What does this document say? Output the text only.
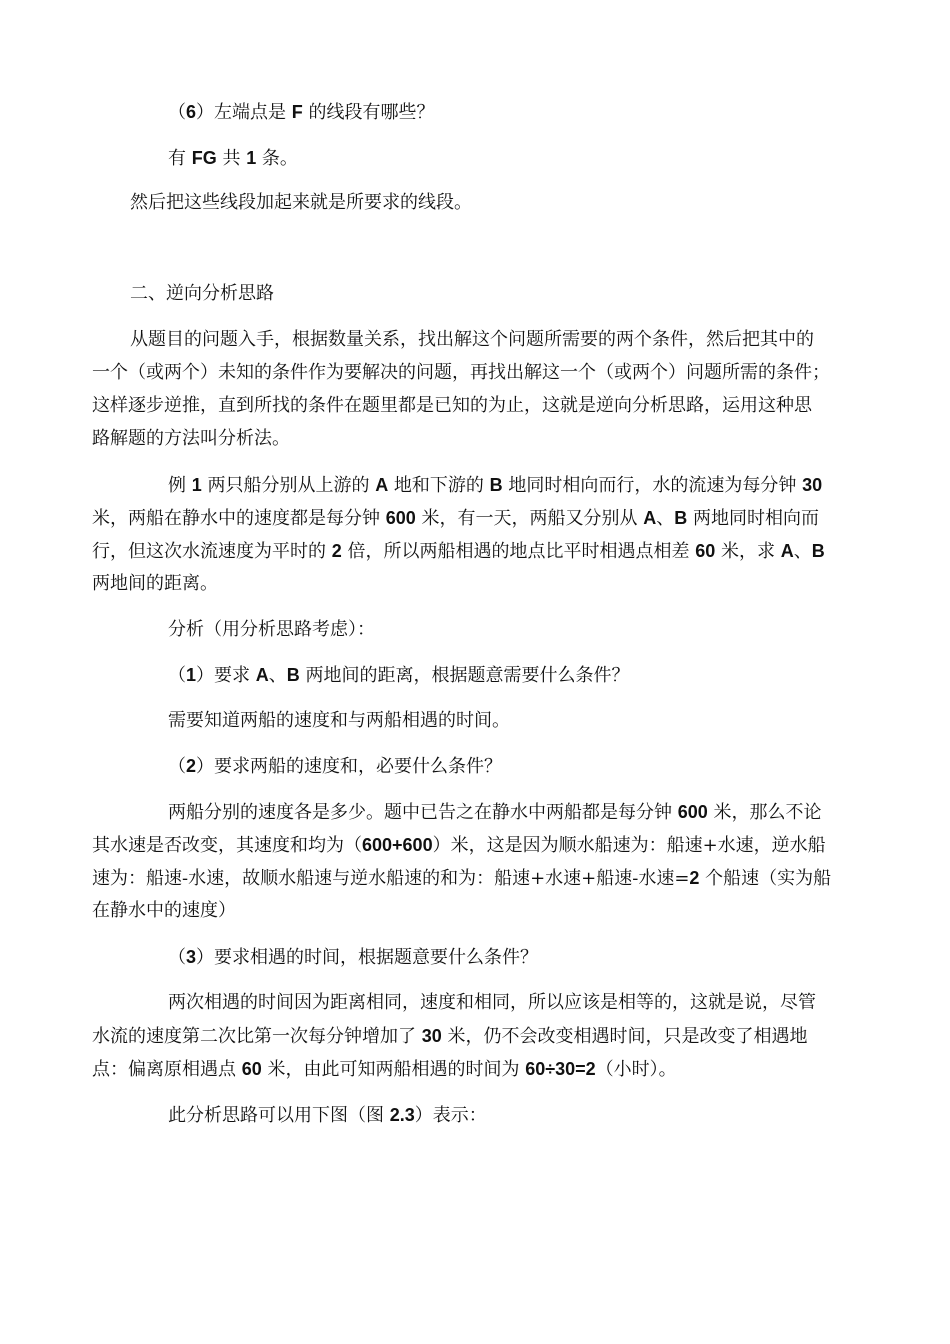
（6）左端点是 F 的线段有哪些？

有 FG 共 1 条。

然后把这些线段加起来就是所要求的线段。

二、逆向分析思路

从题目的问题入手，根据数量关系，找出解这个问题所需要的两个条件，然后把其中的

一个（或两个）未知的条件作为要解决的问题，再找出解这一个（或两个）问题所需的条件；

这样逐步逆推，直到所找的条件在题里都是已知的为止，这就是逆向分析思路，运用这种思

路解题的方法叫分析法。

例 1 两只船分别从上游的 A 地和下游的 B 地同时相向而行，水的流速为每分钟 30

米，两船在静水中的速度都是每分钟 600 米，有一天，两船又分别从 A、B 两地同时相向而

行，但这次水流速度为平时的 2 倍，所以两船相遇的地点比平时相遇点相差 60 米，求 A、B

两地间的距离。

分析（用分析思路考虑）：

（1）要求 A、B 两地间的距离，根据题意需要什么条件？

需要知道两船的速度和与两船相遇的时间。

（2）要求两船的速度和，必要什么条件？

两船分别的速度各是多少。题中已告之在静水中两船都是每分钟 600 米，那么不论

其水速是否改变，其速度和均为（600+600）米，这是因为顺水船速为：船速+水速，逆水船

速为：船速-水速，故顺水船速与逆水船速的和为：船速+水速+船速-水速=2 个船速（实为船

在静水中的速度）

（3）要求相遇的时间，根据题意要什么条件？

两次相遇的时间因为距离相同，速度和相同，所以应该是相等的，这就是说，尽管

水流的速度第二次比第一次每分钟增加了 30 米，仍不会改变相遇时间，只是改变了相遇地

点：偏离原相遇点 60 米，由此可知两船相遇的时间为 60÷30=2（小时）。

此分析思路可以用下图（图 2.3）表示：
